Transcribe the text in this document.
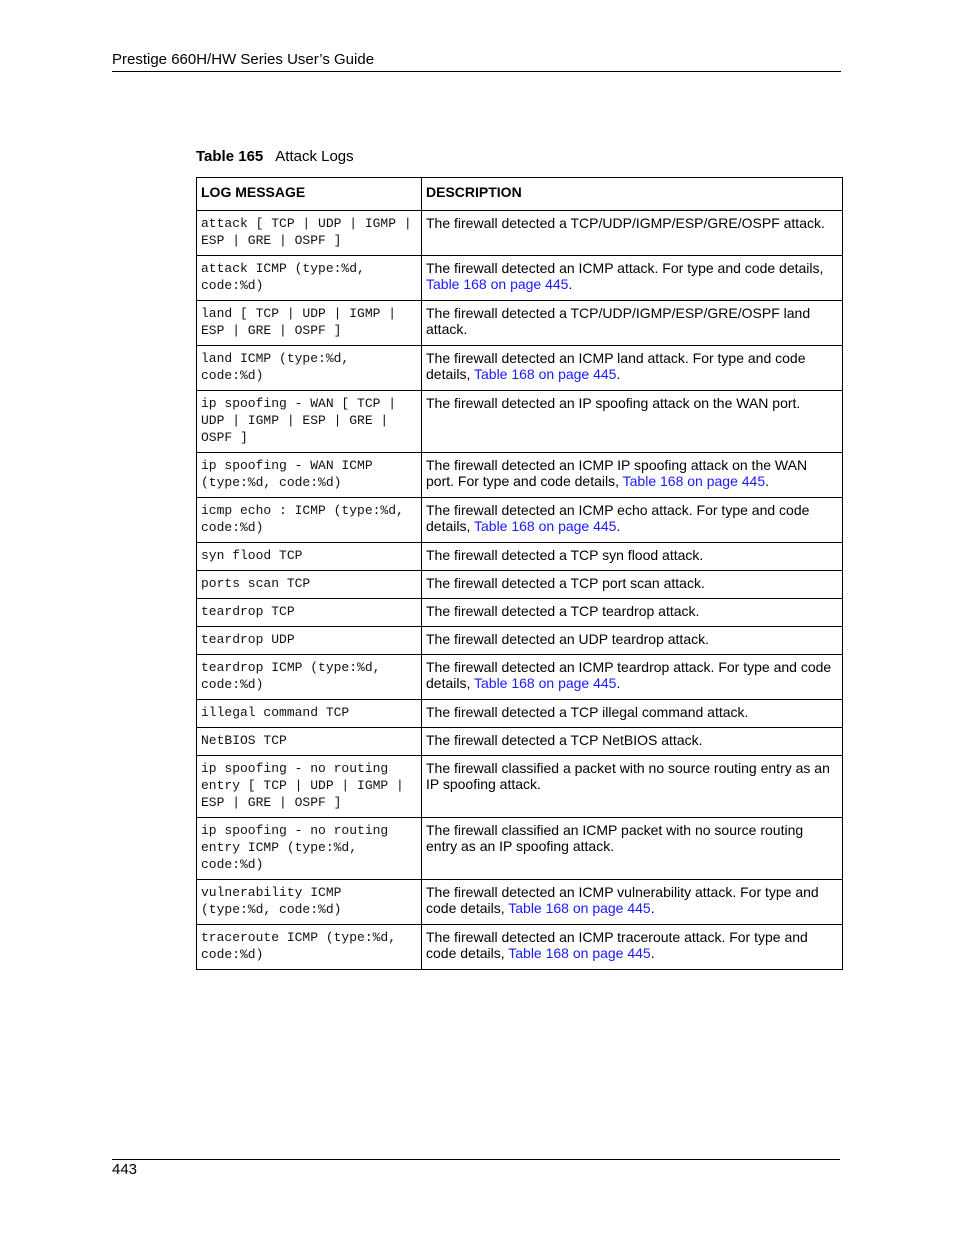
Prestige 660H/HW Series User’s Guide
Table 165 Attack Logs
LOG MESSAGE	DESCRIPTION
attack [ TCP | UDP | IGMP | ESP | GRE | OSPF ]	The firewall detected a TCP/UDP/IGMP/ESP/GRE/OSPF attack.
attack ICMP (type:%d, code:%d)	The firewall detected an ICMP attack. For type and code details, Table 168 on page 445.
land [ TCP | UDP | IGMP | ESP | GRE | OSPF ]	The firewall detected a TCP/UDP/IGMP/ESP/GRE/OSPF land attack.
land ICMP (type:%d, code:%d)	The firewall detected an ICMP land attack. For type and code details, Table 168 on page 445.
ip spoofing - WAN [ TCP | UDP | IGMP | ESP | GRE | OSPF ]	The firewall detected an IP spoofing attack on the WAN port.
ip spoofing - WAN ICMP (type:%d, code:%d)	The firewall detected an ICMP IP spoofing attack on the WAN port. For type and code details, Table 168 on page 445.
icmp echo : ICMP (type:%d, code:%d)	The firewall detected an ICMP echo attack. For type and code details, Table 168 on page 445.
syn flood TCP	The firewall detected a TCP syn flood attack.
ports scan TCP	The firewall detected a TCP port scan attack.
teardrop TCP	The firewall detected a TCP teardrop attack.
teardrop UDP	The firewall detected an UDP teardrop attack.
teardrop ICMP (type:%d, code:%d)	The firewall detected an ICMP teardrop attack. For type and code details, Table 168 on page 445.
illegal command TCP	The firewall detected a TCP illegal command attack.
NetBIOS TCP	The firewall detected a TCP NetBIOS attack.
ip spoofing - no routing entry [ TCP | UDP | IGMP | ESP | GRE | OSPF ]	The firewall classified a packet with no source routing entry as an IP spoofing attack.
ip spoofing - no routing entry ICMP (type:%d, code:%d)	The firewall classified an ICMP packet with no source routing entry as an IP spoofing attack.
vulnerability ICMP (type:%d, code:%d)	The firewall detected an ICMP vulnerability attack. For type and code details, Table 168 on page 445.
traceroute ICMP (type:%d, code:%d)	The firewall detected an ICMP traceroute attack. For type and code details, Table 168 on page 445.
443
